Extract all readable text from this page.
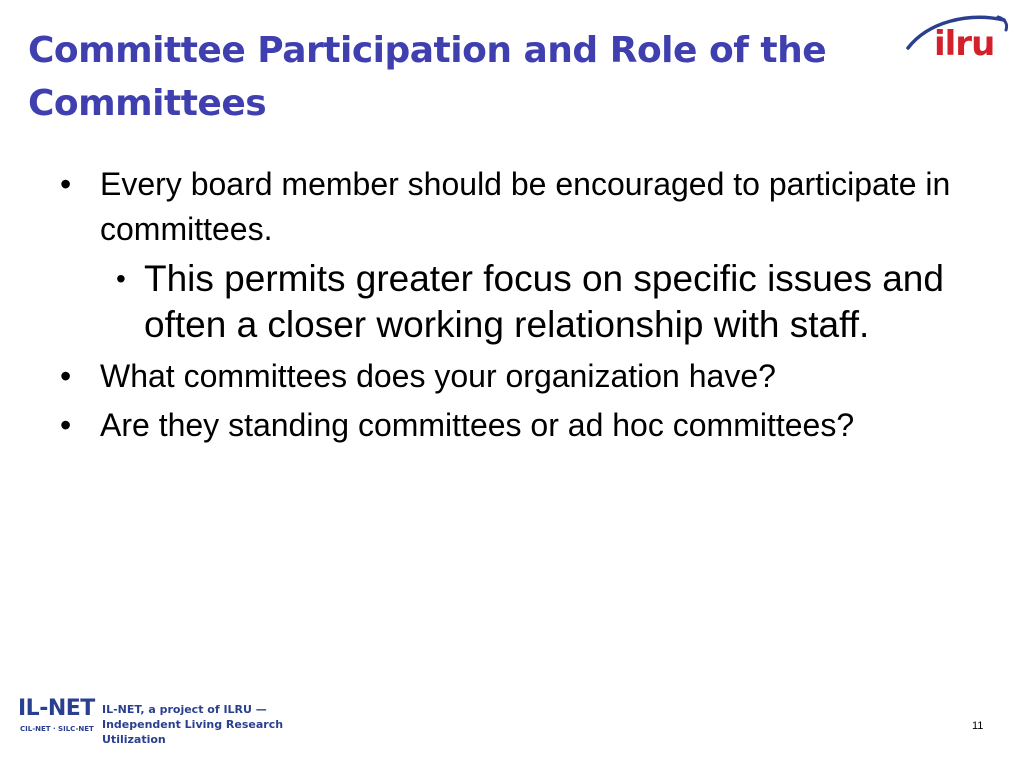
Committee Participation and Role of the Committees
ilru
• Every board member should be encouraged to participate in committees.
• This permits greater focus on specific issues and often a closer working relationship with staff.
• What committees does your organization have?
• Are they standing committees or ad hoc committees?
IL-NET
CIL-NET · SILC-NET
IL-NET, a project of ILRU —
Independent Living Research Utilization
11
